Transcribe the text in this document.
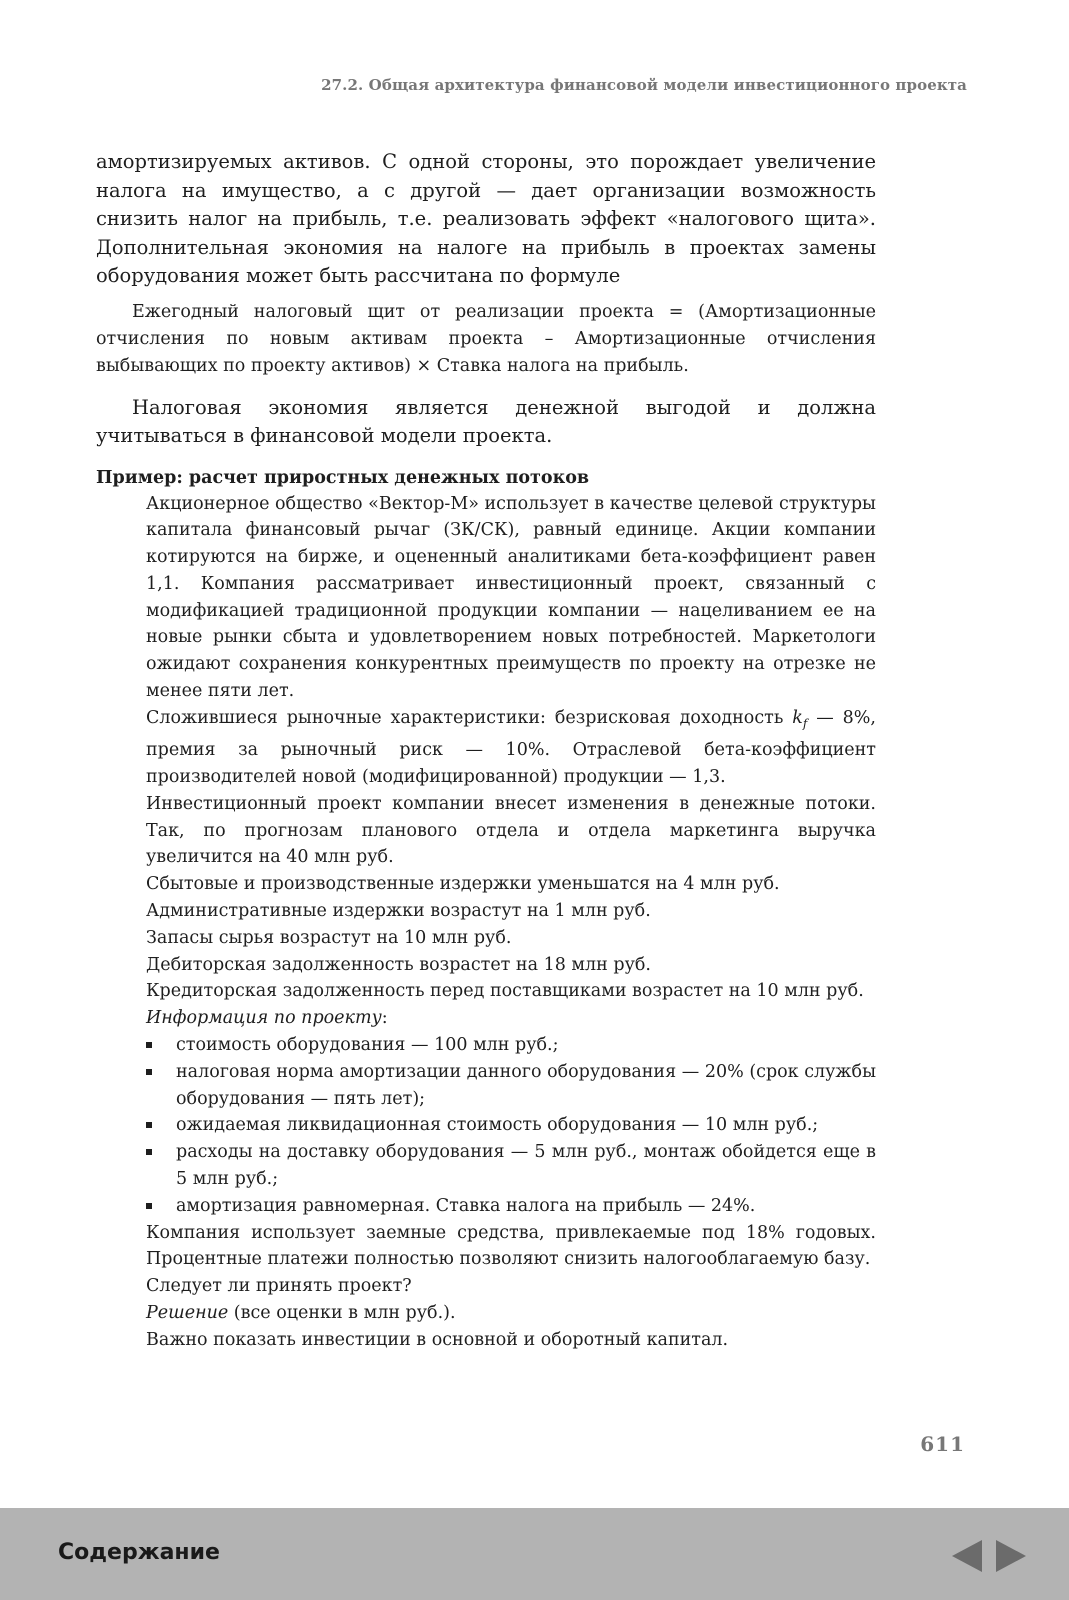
27.2. Общая архитектура финансовой модели инвестиционного проекта

амортизируемых активов. С одной стороны, это порождает увеличение налога на имущество, а с другой — дает организации возможность снизить налог на прибыль, т.е. реализовать эффект «налогового щита». Дополнительная экономия на налоге на прибыль в проектах замены оборудования может быть рассчитана по формуле

Ежегодный налоговый щит от реализации проекта = (Амортизационные отчисления по новым активам проекта – Амортизационные отчисления выбывающих по проекту активов) × Ставка налога на прибыль.

Налоговая экономия является денежной выгодой и должна учитываться в финансовой модели проекта.

Пример: расчет приростных денежных потоков

Акционерное общество «Вектор-М» использует в качестве целевой структуры капитала финансовый рычаг (ЗК/СК), равный единице. Акции компании котируются на бирже, и оцененный аналитиками бета-коэффициент равен 1,1. Компания рассматривает инвестиционный проект, связанный с модификацией традиционной продукции компании — нацеливанием ее на новые рынки сбыта и удовлетворением новых потребностей. Маркетологи ожидают сохранения конкурентных преимуществ по проекту на отрезке не менее пяти лет.

Сложившиеся рыночные характеристики: безрисковая доходность $k_f$ — 8%, премия за рыночный риск — 10%. Отраслевой бета-коэффициент производителей новой (модифицированной) продукции — 1,3.

Инвестиционный проект компании внесет изменения в денежные потоки. Так, по прогнозам планового отдела и отдела маркетинга выручка увеличится на 40 млн руб.

Сбытовые и производственные издержки уменьшатся на 4 млн руб.

Административные издержки возрастут на 1 млн руб.

Запасы сырья возрастут на 10 млн руб.

Дебиторская задолженность возрастет на 18 млн руб.

Кредиторская задолженность перед поставщиками возрастет на 10 млн руб.

Информация по проекту:

стоимость оборудования — 100 млн руб.;
налоговая норма амортизации данного оборудования — 20% (срок службы оборудования — пять лет);
ожидаемая ликвидационная стоимость оборудования — 10 млн руб.;
расходы на доставку оборудования — 5 млн руб., монтаж обойдется еще в 5 млн руб.;
амортизация равномерная. Ставка налога на прибыль — 24%.

Компания использует заемные средства, привлекаемые под 18% годовых. Процентные платежи полностью позволяют снизить налогооблагаемую базу.

Следует ли принять проект?

Решение (все оценки в млн руб.).

Важно показать инвестиции в основной и оборотный капитал.

611
Содержание
